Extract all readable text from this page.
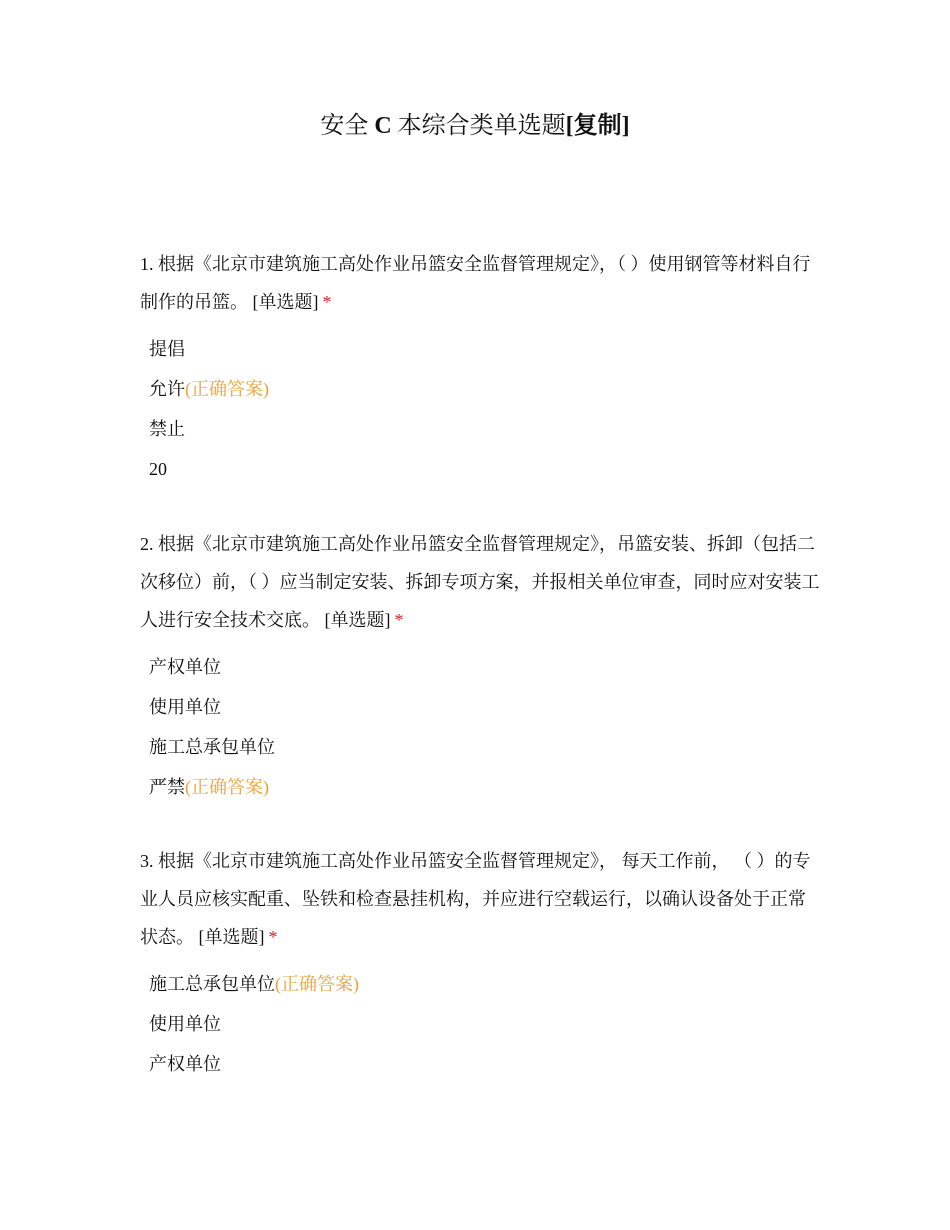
安全 C 本综合类单选题[复制]

1. 根据《北京市建筑施工高处作业吊篮安全监督管理规定》，（ ）使用钢管等材料自行制作的吊篮。 [单选题] *

提倡
允许(正确答案)
禁止
20

2. 根据《北京市建筑施工高处作业吊篮安全监督管理规定》，吊篮安装、拆卸（包括二次移位）前，（ ）应当制定安装、拆卸专项方案，并报相关单位审查，同时应对安装工人进行安全技术交底。 [单选题] *

产权单位
使用单位
施工总承包单位
严禁(正确答案)

3. 根据《北京市建筑施工高处作业吊篮安全监督管理规定》， 每天工作前， （ ）的专业人员应核实配重、坠铁和检查悬挂机构，并应进行空载运行，以确认设备处于正常状态。 [单选题] *

施工总承包单位(正确答案)
使用单位
产权单位
